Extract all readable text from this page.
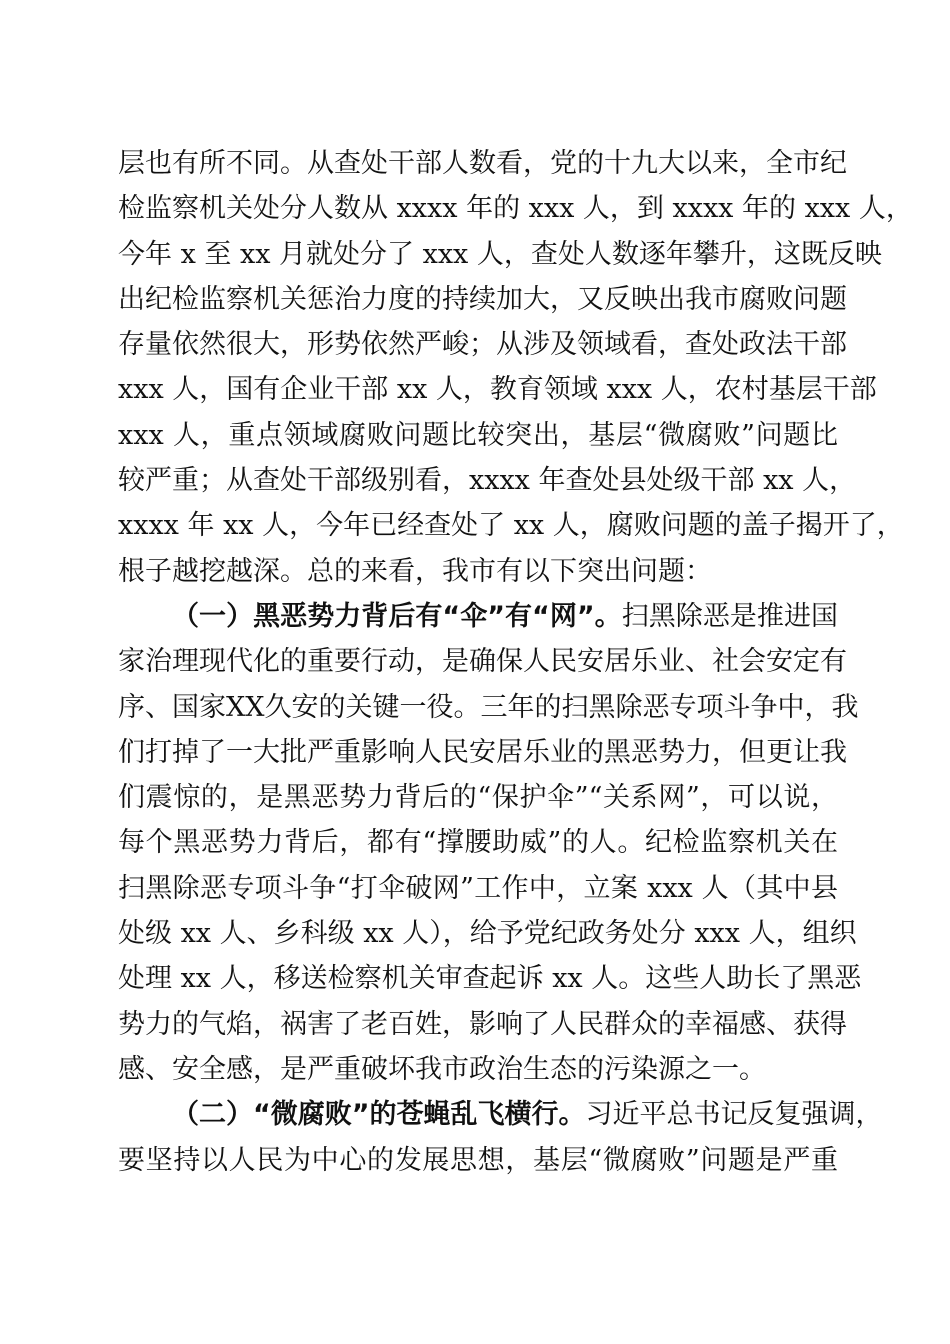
层也有所不同。从查处干部人数看，党的十九大以来，全市纪
检监察机关处分人数从 xxxx 年的 xxx 人，到 xxxx 年的 xxx 人，
今年 x 至 xx 月就处分了 xxx 人，查处人数逐年攀升，这既反映
出纪检监察机关惩治力度的持续加大，又反映出我市腐败问题
存量依然很大，形势依然严峻；从涉及领域看，查处政法干部
xxx 人，国有企业干部 xx 人，教育领域 xxx 人，农村基层干部
xxx 人，重点领域腐败问题比较突出，基层“微腐败”问题比
较严重；从查处干部级别看，xxxx 年查处县处级干部 xx 人，
xxxx 年 xx 人，今年已经查处了 xx 人，腐败问题的盖子揭开了，
根子越挖越深。总的来看，我市有以下突出问题：
（一）黑恶势力背后有“伞”有“网”。扫黑除恶是推进国
家治理现代化的重要行动，是确保人民安居乐业、社会安定有
序、国家XX久安的关键一役。三年的扫黑除恶专项斗争中，我
们打掉了一大批严重影响人民安居乐业的黑恶势力，但更让我
们震惊的，是黑恶势力背后的“保护伞”“关系网”，可以说，
每个黑恶势力背后，都有“撑腰助威”的人。纪检监察机关在
扫黑除恶专项斗争“打伞破网”工作中，立案 xxx 人（其中县
处级 xx 人、乡科级 xx 人），给予党纪政务处分 xxx 人，组织
处理 xx 人，移送检察机关审查起诉 xx 人。这些人助长了黑恶
势力的气焰，祸害了老百姓，影响了人民群众的幸福感、获得
感、安全感，是严重破坏我市政治生态的污染源之一。
（二）“微腐败”的苍蝇乱飞横行。习近平总书记反复强调，
要坚持以人民为中心的发展思想，基层“微腐败”问题是严重
